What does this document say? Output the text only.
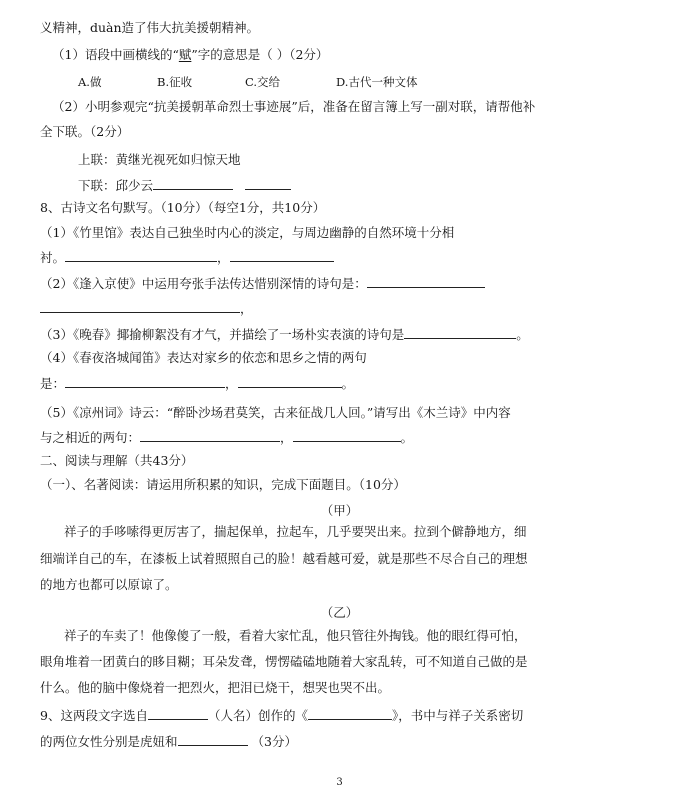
义精神，duàn造了伟大抗美援朝精神。
（1）语段中画横线的“赋”字的意思是（ ）（2分）
A.做	B.征收	C.交给	D.古代一种文体
（2）小明参观完“抗美援朝革命烈士事迹展”后，准备在留言簿上写一副对联，请帮他补
全下联。（2分）
上联：黄继光视死如归惊天地
下联：邱少云
8、古诗文名句默写。（10分）（每空1分，共10分）
（1）《竹里馆》表达自己独坐时内心的淡定，与周边幽静的自然环境十分相
衬。	，
（2）《逢入京使》中运用夸张手法传达惜别深情的诗句是：
，
（3）《晚春》揶揄柳絮没有才气，并描绘了一场朴实表演的诗句是	。
（4）《春夜洛城闻笛》表达对家乡的依恋和思乡之情的两句
是：	，	。
（5）《凉州词》诗云：“醉卧沙场君莫笑，古来征战几人回。”请写出《木兰诗》中内容
与之相近的两句：	，	。
二、阅读与理解（共43分）
（一）、名著阅读：请运用所积累的知识，完成下面题目。（10分）
（甲）
祥子的手哆嗦得更厉害了，揣起保单，拉起车，几乎要哭出来。拉到个僻静地方，细
细端详自己的车，在漆板上试着照照自己的脸！越看越可爱，就是那些不尽合自己的理想
的地方也都可以原谅了。
（乙）
祥子的车卖了！他像傻了一般，看着大家忙乱，他只管往外掏钱。他的眼红得可怕，
眼角堆着一团黄白的眵目糊；耳朵发聋，愣愣磕磕地随着大家乱转，可不知道自己做的是
什么。他的脑中像烧着一把烈火，把泪已烧干，想哭也哭不出。
9、这两段文字选自	（人名）创作的《	》，书中与祥子关系密切
的两位女性分别是虎妞和	（3分）
3
